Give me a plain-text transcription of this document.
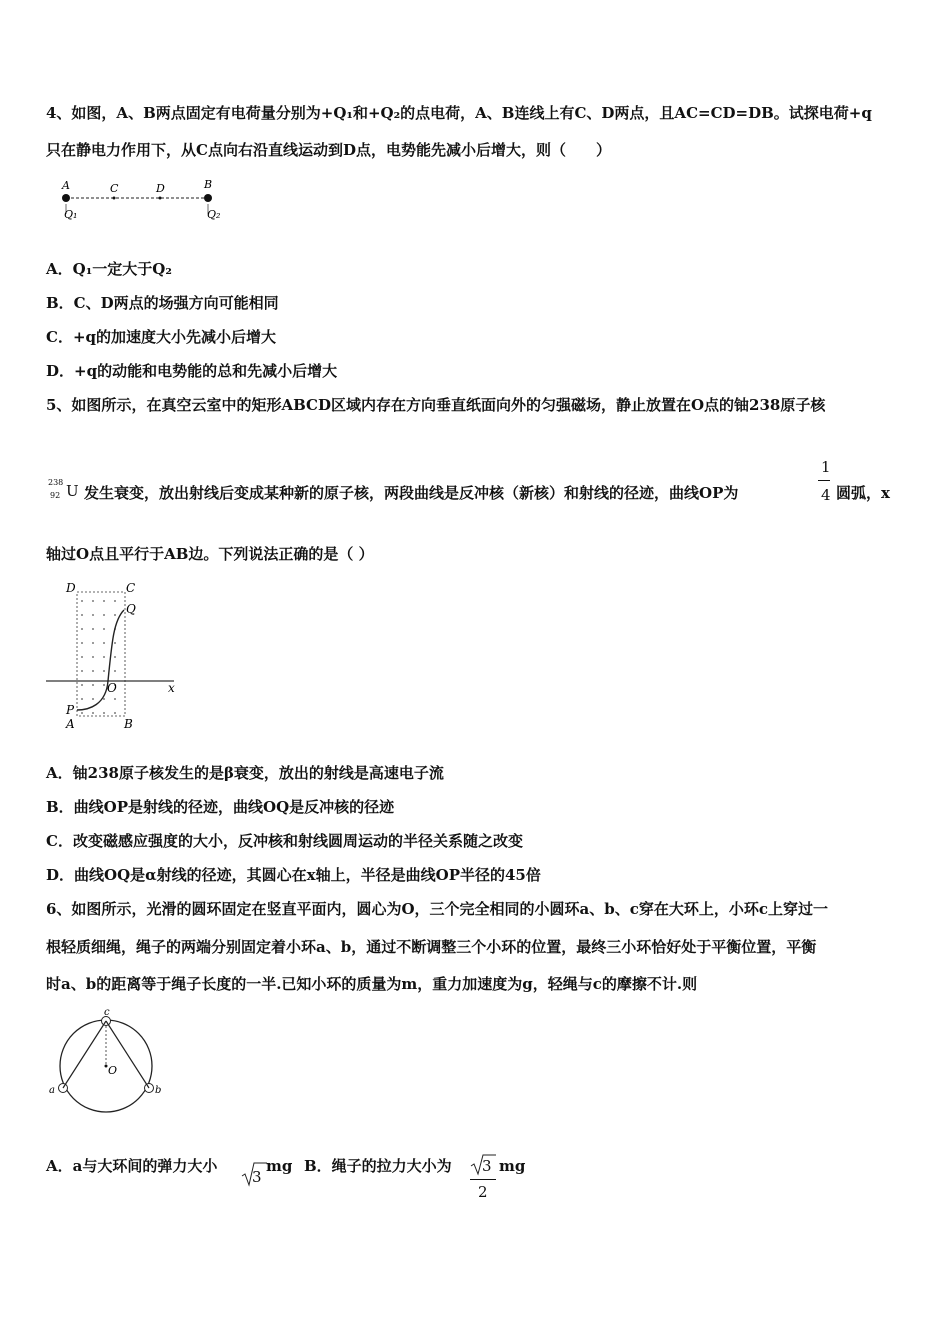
4、如图，A、B两点固定有电荷量分别为+Q₁和+Q₂的点电荷，A、B连线上有C、D两点，且AC=CD=DB。试探电荷+q
只在静电力作用下，从C点向右沿直线运动到D点，电势能先减小后增大，则（　　）
A	C	D	B
Q₁	Q₂
A．Q₁一定大于Q₂
B．C、D两点的场强方向可能相同
C．+q的加速度大小先减小后增大
D．+q的动能和电势能的总和先减小后增大
5、如图所示，在真空云室中的矩形ABCD区域内存在方向垂直纸面向外的匀强磁场，静止放置在O点的铀238原子核
238
92 U 发生衰变，放出射线后变成某种新的原子核，两段曲线是反冲核（新核）和射线的径迹，曲线OP为
1
4 圆弧，x
轴过O点且平行于AB边。下列说法正确的是（ ）
D	C
Q
O	x
P
A	B
A．铀238原子核发生的是β衰变，放出的射线是高速电子流
B．曲线OP是射线的径迹，曲线OQ是反冲核的径迹
C．改变磁感应强度的大小，反冲核和射线圆周运动的半径关系随之改变
D．曲线OQ是α射线的径迹，其圆心在x轴上，半径是曲线OP半径的45倍
6、如图所示，光滑的圆环固定在竖直平面内，圆心为O，三个完全相同的小圆环a、b、c穿在大环上，小环c上穿过一
根轻质细绳，绳子的两端分别固定着小环a、b，通过不断调整三个小环的位置，最终三小环恰好处于平衡位置，平衡
时a、b的距离等于绳子长度的一半.已知小环的质量为m，重力加速度为g，轻绳与c的摩擦不计.则
c
O
a	b
A．a与大环间的弹力大小
3
mg B．绳子的拉力大小为 3
2
mg
